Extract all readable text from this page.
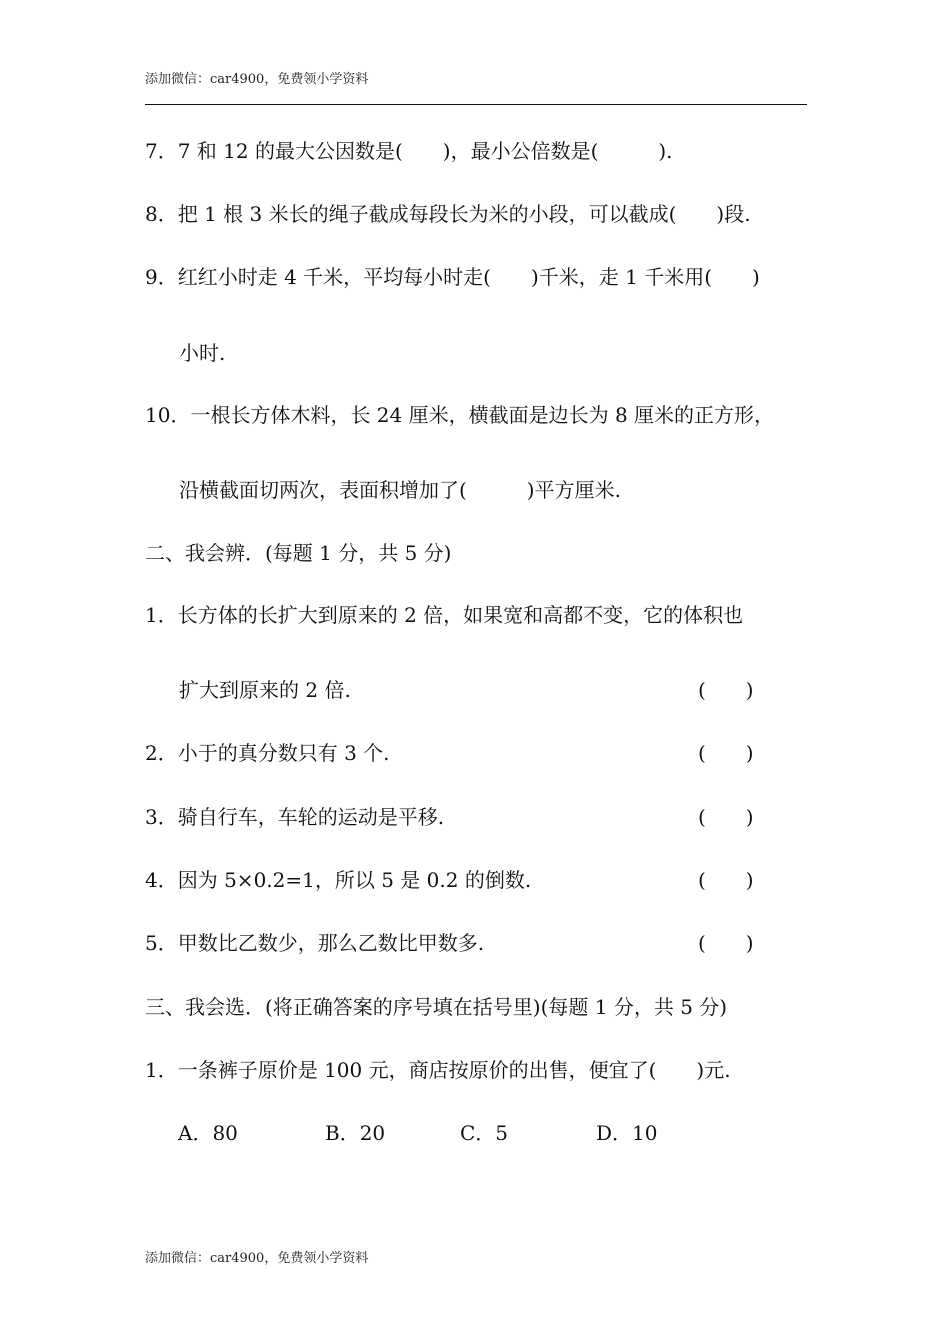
添加微信：car4900，免费领小学资料
7．7 和 12 的最大公因数是(　　)，最小公倍数是(　　　).
8．把 1 根 3 米长的绳子截成每段长为米的小段，可以截成(　　)段.
9．红红小时走 4 千米，平均每小时走(　　)千米，走 1 千米用(　　)
小时.
10．一根长方体木料，长 24 厘米，横截面是边长为 8 厘米的正方形，
沿横截面切两次，表面积增加了(　　　)平方厘米.
二、我会辨．(每题 1 分，共 5 分)
1．长方体的长扩大到原来的 2 倍，如果宽和高都不变，它的体积也
扩大到原来的 2 倍.	(　　)
2．小于的真分数只有 3 个.	(　　)
3．骑自行车，车轮的运动是平移.	(　　)
4．因为 5×0.2=1，所以 5 是 0.2 的倒数.	(　　)
5．甲数比乙数少，那么乙数比甲数多.	(　　)
三、我会选．(将正确答案的序号填在括号里)(每题 1 分，共 5 分)
1．一条裤子原价是 100 元，商店按原价的出售，便宜了(　　)元.
A．80	B．20	C．5	D．10
添加微信：car4900，免费领小学资料
